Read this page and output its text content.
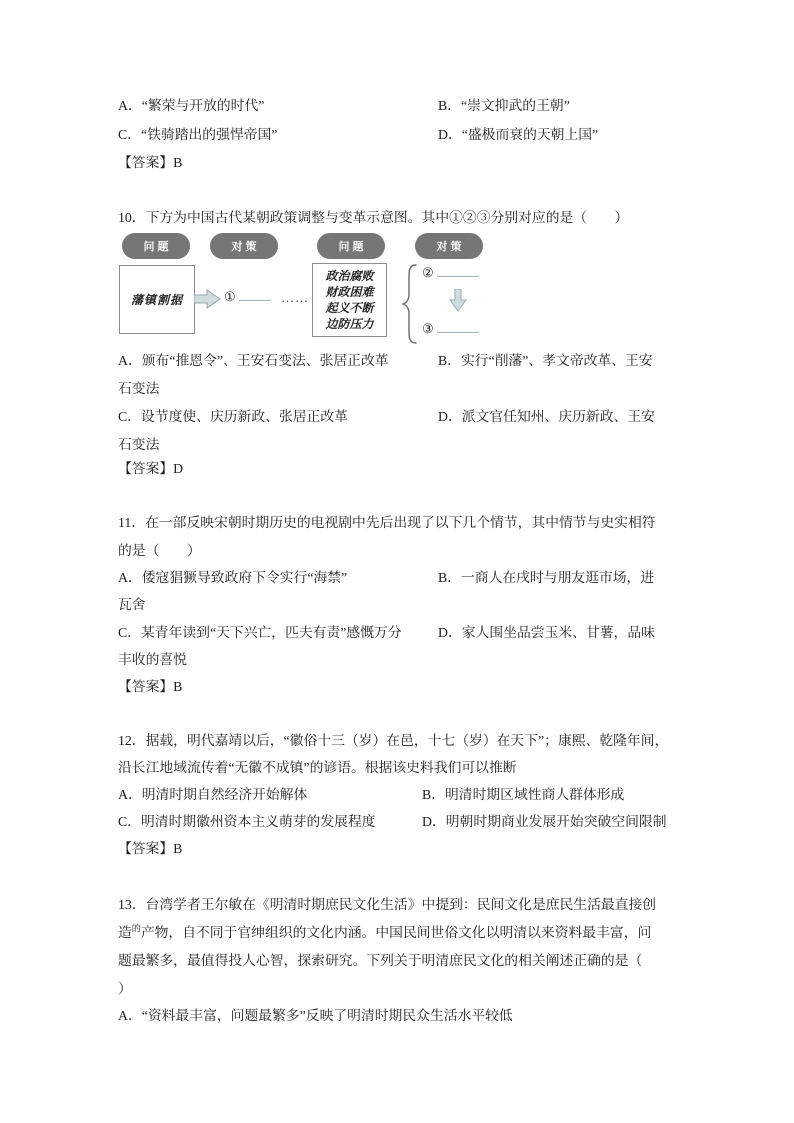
A．“繁荣与开放的时代”	B．“崇文抑武的王朝”
C．“铁骑踏出的强悍帝国”	D．“盛极而衰的天朝上国”
【答案】B
10．下方为中国古代某朝政策调整与变革示意图。其中①②③分别对应的是（　　）
问题	对策	问题	对策
藩镇割据	①	……
政治腐败
财政困难
起义不断
边防压力
②
③
A．颁布“推恩令”、王安石变法、张居正改革	B．实行“削藩”、孝文帝改革、王安
石变法
C．设节度使、庆历新政、张居正改革	D．派文官任知州、庆历新政、王安
石变法
【答案】D
11．在一部反映宋朝时期历史的电视剧中先后出现了以下几个情节，其中情节与史实相符
的是（　　）
A．倭寇猖獗导致政府下令实行“海禁”	B．一商人在戌时与朋友逛市场，进
瓦舍
C．某青年读到“天下兴亡，匹夫有责”感慨万分	D．家人围坐品尝玉米、甘薯，品味
丰收的喜悦
【答案】B
12．据载，明代嘉靖以后，“徽俗十三（岁）在邑，十七（岁）在天下”；康熙、乾隆年间，
沿长江地域流传着“无徽不成镇”的谚语。根据该史料我们可以推断
A．明清时期自然经济开始解体	B．明清时期区域性商人群体形成
C．明清时期徽州资本主义萌芽的发展程度	D．明朝时期商业发展开始突破空间限制
【答案】B
13．台湾学者王尔敏在《明清时期庶民文化生活》中提到：民间文化是庶民生活最直接创
造$^的$产物，自不同于官绅组织的文化内涵。中国民间世俗文化以明清以来资料最丰富，问
题最繁多，最值得投人心智，探索研究。下列关于明清庶民文化的相关阐述正确的是（
）
A．“资料最丰富，问题最繁多”反映了明清时期民众生活水平较低
